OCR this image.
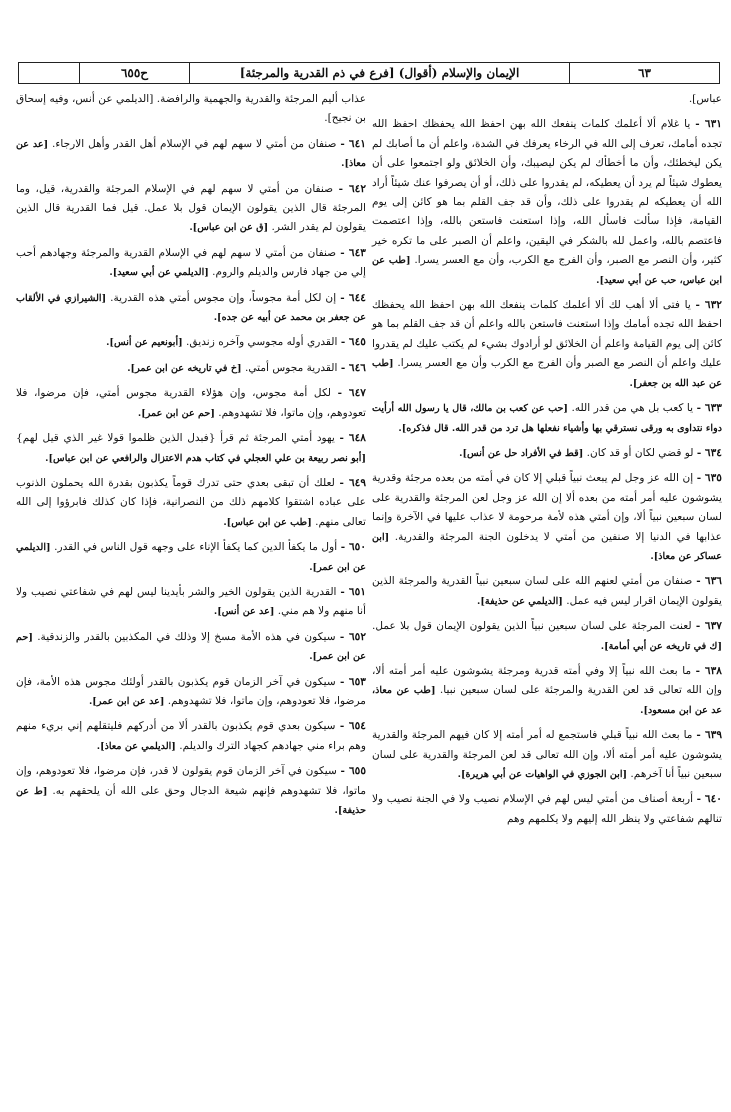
٦٣
الإيمان والإسلام (أقوال) [فرع في ذم القدرية والمرجئة]
ح٦٥٥
عباس].
٦٣١ - يا غلام ألا أعلمك كلمات ينفعك الله بهن احفظ الله يحفظك احفظ الله تجده أمامك، تعرف إلى الله في الرخاء يعرفك في الشدة، واعلم أن ما أصابك لم يكن ليخطئك، وأن ما أخطأك لم يكن ليصيبك، وأن الخلائق ولو اجتمعوا على أن يعطوك شيئاً لم يرد أن يعطيكه، لم يقدروا على ذلك، أو أن يصرفوا عنك شيئاً أراد الله أن يعطيكه لم يقدروا على ذلك، وأن قد جف القلم بما هو كائن إلى يوم القيامة، فإذا سألت فاسأل الله، وإذا استعنت فاستعن بالله، وإذا اعتصمت فاعتصم بالله، واعمل لله بالشكر في اليقين، واعلم أن الصبر على ما تكره خير كثير، وأن النصر مع الصبر، وأن الفرج مع الكرب، وأن مع العسر يسرا. [طب عن ابن عباس، حب عن أبي سعيد].
٦٣٢ - يا فتى ألا أهب لك ألا أعلمك كلمات ينفعك الله بهن احفظ الله يحفظك احفظ الله تجده أمامك وإذا استعنت فاستعن بالله واعلم أن قد جف القلم بما هو كائن إلى يوم القيامة واعلم أن الخلائق لو أرادوك بشيء لم يكتب عليك لم يقدروا عليك واعلم أن النصر مع الصبر وأن الفرج مع الكرب وأن مع العسر يسرا. [طب عن عبد الله بن جعفر].
٦٣٣ - يا كعب بل هي من قدر الله. [حب عن كعب بن مالك، قال يا رسول الله أرأيت دواء نتداوى به ورقى نسترقي بها وأشياء نفعلها هل ترد من قدر الله. قال فذكره].
٦٣٤ - لو قضي لكان أو قد كان. [قط في الأفراد حل عن أنس].
٦٣٥ - إن الله عز وجل لم يبعث نبياً قبلي إلا كان في أمته من بعده مرجئة وقدرية يشوشون عليه أمر أمته من بعده ألا إن الله عز وجل لعن المرجئة والقدرية على لسان سبعين نبياً ألا، وإن أمتي هذه لأمة مرحومة لا عذاب عليها في الآخرة وإنما عذابها في الدنيا إلا صنفين من أمتي لا يدخلون الجنة المرجئة والقدرية. [ابن عساكر عن معاذ].
٦٣٦ - صنفان من أمتي لعنهم الله على لسان سبعين نبياً القدرية والمرجئة الذين يقولون الإيمان اقرار ليس فيه عمل. [الديلمي عن حذيفة].
٦٣٧ - لعنت المرجئة على لسان سبعين نبياً الذين يقولون الإيمان قول بلا عمل. [ك في تاريخه عن أبي أمامة].
٦٣٨ - ما بعث الله نبياً إلا وفي أمته قدرية ومرجئة يشوشون عليه أمر أمته ألا، وإن الله تعالى قد لعن القدرية والمرجئة على لسان سبعين نبيا. [طب عن معاذ، عد عن ابن مسعود].
٦٣٩ - ما بعث الله نبياً قبلي فاستجمع له أمر أمته إلا كان فيهم المرجئة والقدرية يشوشون عليه أمر أمته ألا، وإن الله تعالى قد لعن المرجئة والقدرية على لسان سبعين نبياً أنا آخرهم. [ابن الجوزي في الواهيات عن أبي هريرة].
٦٤٠ - أربعة أصناف من أمتي ليس لهم في الإسلام نصيب ولا في الجنة نصيب ولا تنالهم شفاعتي ولا ينظر الله إليهم ولا يكلمهم وهم
عذاب أليم المرجئة والقدرية والجهمية والرافضة. [الديلمي عن أنس، وفيه إسحاق بن نجيح].
٦٤١ - صنفان من أمتي لا سهم لهم في الإسلام أهل القدر وأهل الارجاء. [عد عن معاذ].
٦٤٢ - صنفان من أمتي لا سهم لهم في الإسلام المرجئة والقدرية، قيل، وما المرجئة قال الذين يقولون الإيمان قول بلا عمل. قيل فما القدرية قال الذين يقولون لم يقدر الشر. [ق عن ابن عباس].
٦٤٣ - صنفان من أمتي لا سهم لهم في الإسلام القدرية والمرجئة وجهادهم أحب إلي من جهاد فارس والديلم والروم. [الديلمي عن أبي سعيد].
٦٤٤ - إن لكل أمة مجوساً، وإن مجوس أمتي هذه القدرية. [الشيرازي في الألقاب عن جعفر بن محمد عن أبيه عن جده].
٦٤٥ - القدري أوله مجوسي وآخره زنديق. [أبونعيم عن أنس].
٦٤٦ - القدرية مجوس أمتي. [خ في تاريخه عن ابن عمر].
٦٤٧ - لكل أمة مجوس، وإن هؤلاء القدرية مجوس أمتي، فإن مرضوا، فلا تعودوهم، وإن ماتوا، فلا تشهدوهم. [حم عن ابن عمر].
٦٤٨ - يهود أمتي المرجئة ثم قرأ {فبدل الذين ظلموا قولا غير الذي قيل لهم} [أبو نصر ربيعة بن علي العجلي في كتاب هدم الاعتزال والرافعي عن ابن عباس].
٦٤٩ - لعلك أن تبقى بعدي حتى تدرك قوماً يكذبون بقدرة الله يحملون الذنوب على عباده اشتقوا كلامهم ذلك من النصرانية، فإذا كان كذلك فابرؤوا إلى الله تعالى منهم. [طب عن ابن عباس].
٦٥٠ - أول ما يكفأ الدين كما يكفأ الإناء على وجهه قول الناس في القدر. [الديلمي عن ابن عمر].
٦٥١ - القدرية الذين يقولون الخير والشر بأيدينا ليس لهم في شفاعتي نصيب ولا أنا منهم ولا هم مني. [عد عن أنس].
٦٥٢ - سيكون في هذه الأمة مسخ إلا وذلك في المكذبين بالقدر والزندقية. [حم عن ابن عمر].
٦٥٣ - سيكون في آخر الزمان قوم يكذبون بالقدر أولئك مجوس هذه الأمة، فإن مرضوا، فلا تعودوهم، وإن ماتوا، فلا تشهدوهم. [عد عن ابن عمر].
٦٥٤ - سيكون بعدي قوم يكذبون بالقدر ألا من أدركهم فليتقلهم إني بريء منهم وهم براء مني جهادهم كجهاد الترك والديلم. [الديلمي عن معاذ].
٦٥٥ - سيكون في آخر الزمان قوم يقولون لا قدر، فإن مرضوا، فلا تعودوهم، وإن ماتوا، فلا تشهدوهم فإنهم شيعة الدجال وحق على الله أن يلحقهم به. [ط عن حذيفة].
